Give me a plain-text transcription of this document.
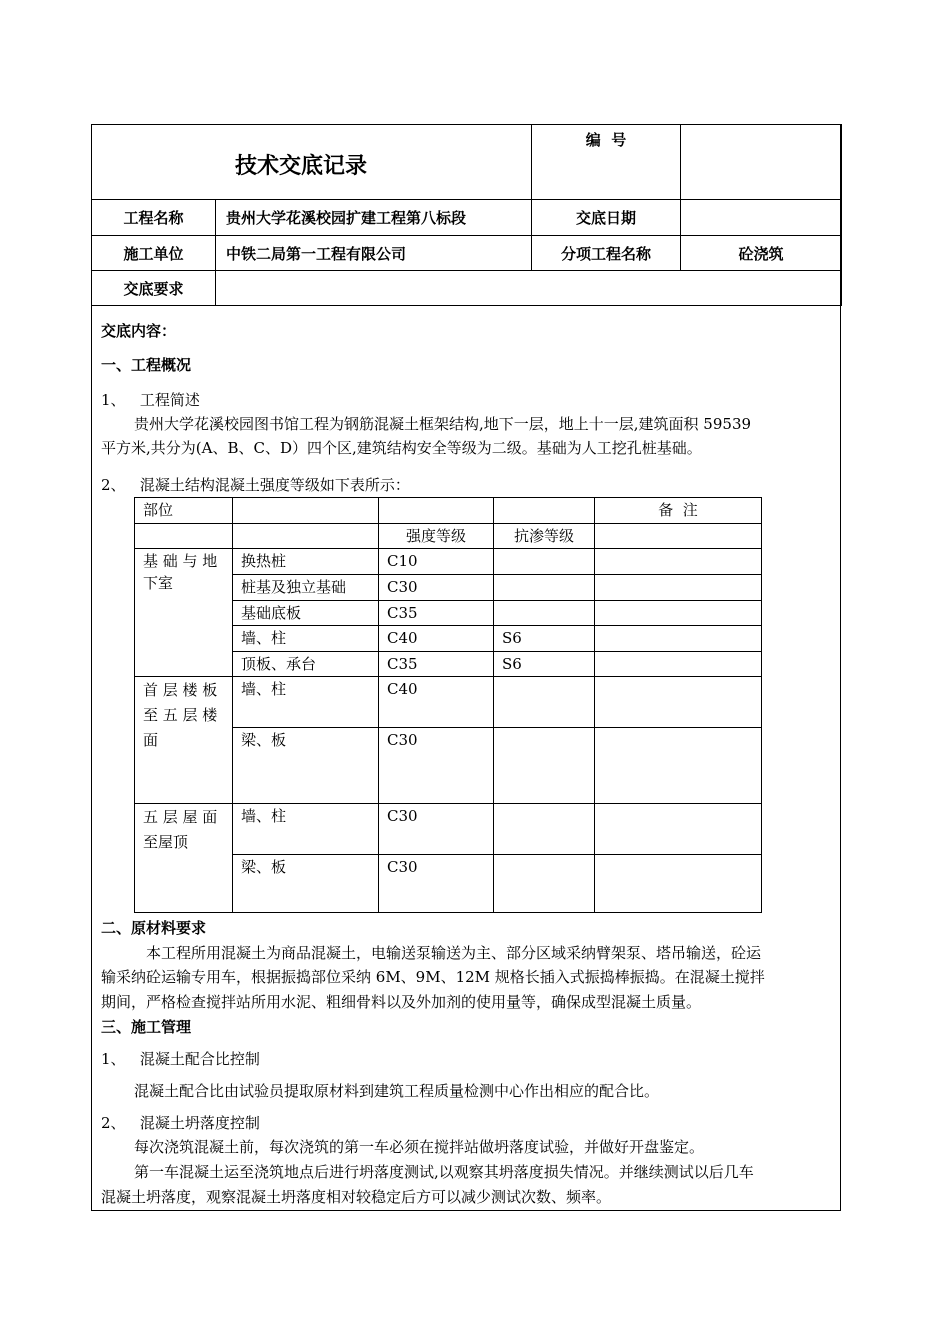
技术交底记录		编  号	

工程名称	贵州大学花溪校园扩建工程第八标段	交底日期	
施工单位	中铁二局第一工程有限公司	分项工程名称	砼浇筑
交底要求			
交底内容：
一、工程概况
1、   工程简述
贵州大学花溪校园图书馆工程为钢筋混凝土框架结构,地下一层，地上十一层,建筑面积 59539
平方米,共分为(A、B、C、D）四个区,建筑结构安全等级为二级。基础为人工挖孔桩基础。
2、   混凝土结构混凝土强度等级如下表所示：
部位				备  注
		强度等级	抗渗等级	
基 础 与 地
下室	换热桩	C10		
	桩基及独立基础	C30		
	基础底板	C35		
	墙、柱	C40	S6	
	顶板、承台	C35	S6	
首 层 楼 板
至 五 层 楼
面	墙、柱	C40		
	梁、板	C30		
五 层 屋 面
至屋顶	墙、柱	C30		
	梁、板	C30		
二、原材料要求
本工程所用混凝土为商品混凝土，电输送泵输送为主、部分区域采纳臂架泵、塔吊输送，砼运
输采纳砼运输专用车，根据振捣部位采纳 6M、9M、12M 规格长插入式振捣棒振捣。在混凝土搅拌
期间，严格检查搅拌站所用水泥、粗细骨料以及外加剂的使用量等，确保成型混凝土质量。
三、施工管理
1、   混凝土配合比控制
混凝土配合比由试验员提取原材料到建筑工程质量检测中心作出相应的配合比。
2、   混凝土坍落度控制
每次浇筑混凝土前，每次浇筑的第一车必须在搅拌站做坍落度试验，并做好开盘鉴定。
第一车混凝土运至浇筑地点后进行坍落度测试,以观察其坍落度损失情况。并继续测试以后几车
混凝土坍落度，观察混凝土坍落度相对较稳定后方可以减少测试次数、频率。
